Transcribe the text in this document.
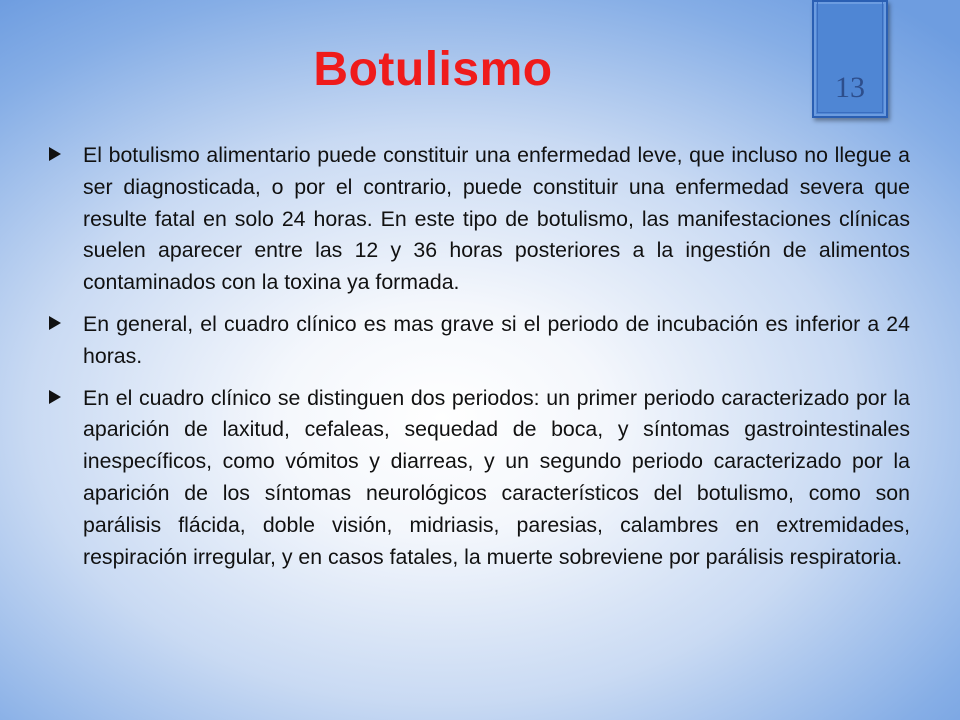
Botulismo	13

El botulismo alimentario puede constituir una enfermedad leve, que incluso no llegue a ser diagnosticada, o por el contrario, puede constituir una enfermedad severa que resulte fatal en solo 24 horas. En este tipo de botulismo, las manifestaciones clínicas suelen aparecer entre las 12 y 36 horas posteriores a la ingestión de alimentos contaminados con la toxina ya formada.

En general, el cuadro clínico es mas grave si el periodo de incubación es inferior a 24 horas.

En el cuadro clínico se distinguen dos periodos: un primer periodo caracterizado por la aparición de laxitud, cefaleas, sequedad de boca, y síntomas gastrointestinales inespecíficos, como vómitos y diarreas, y un segundo periodo caracterizado por la aparición de los síntomas neurológicos característicos del botulismo, como son parálisis flácida, doble visión, midriasis, paresias, calambres en extremidades, respiración irregular, y en casos fatales, la muerte sobreviene por parálisis respiratoria.
